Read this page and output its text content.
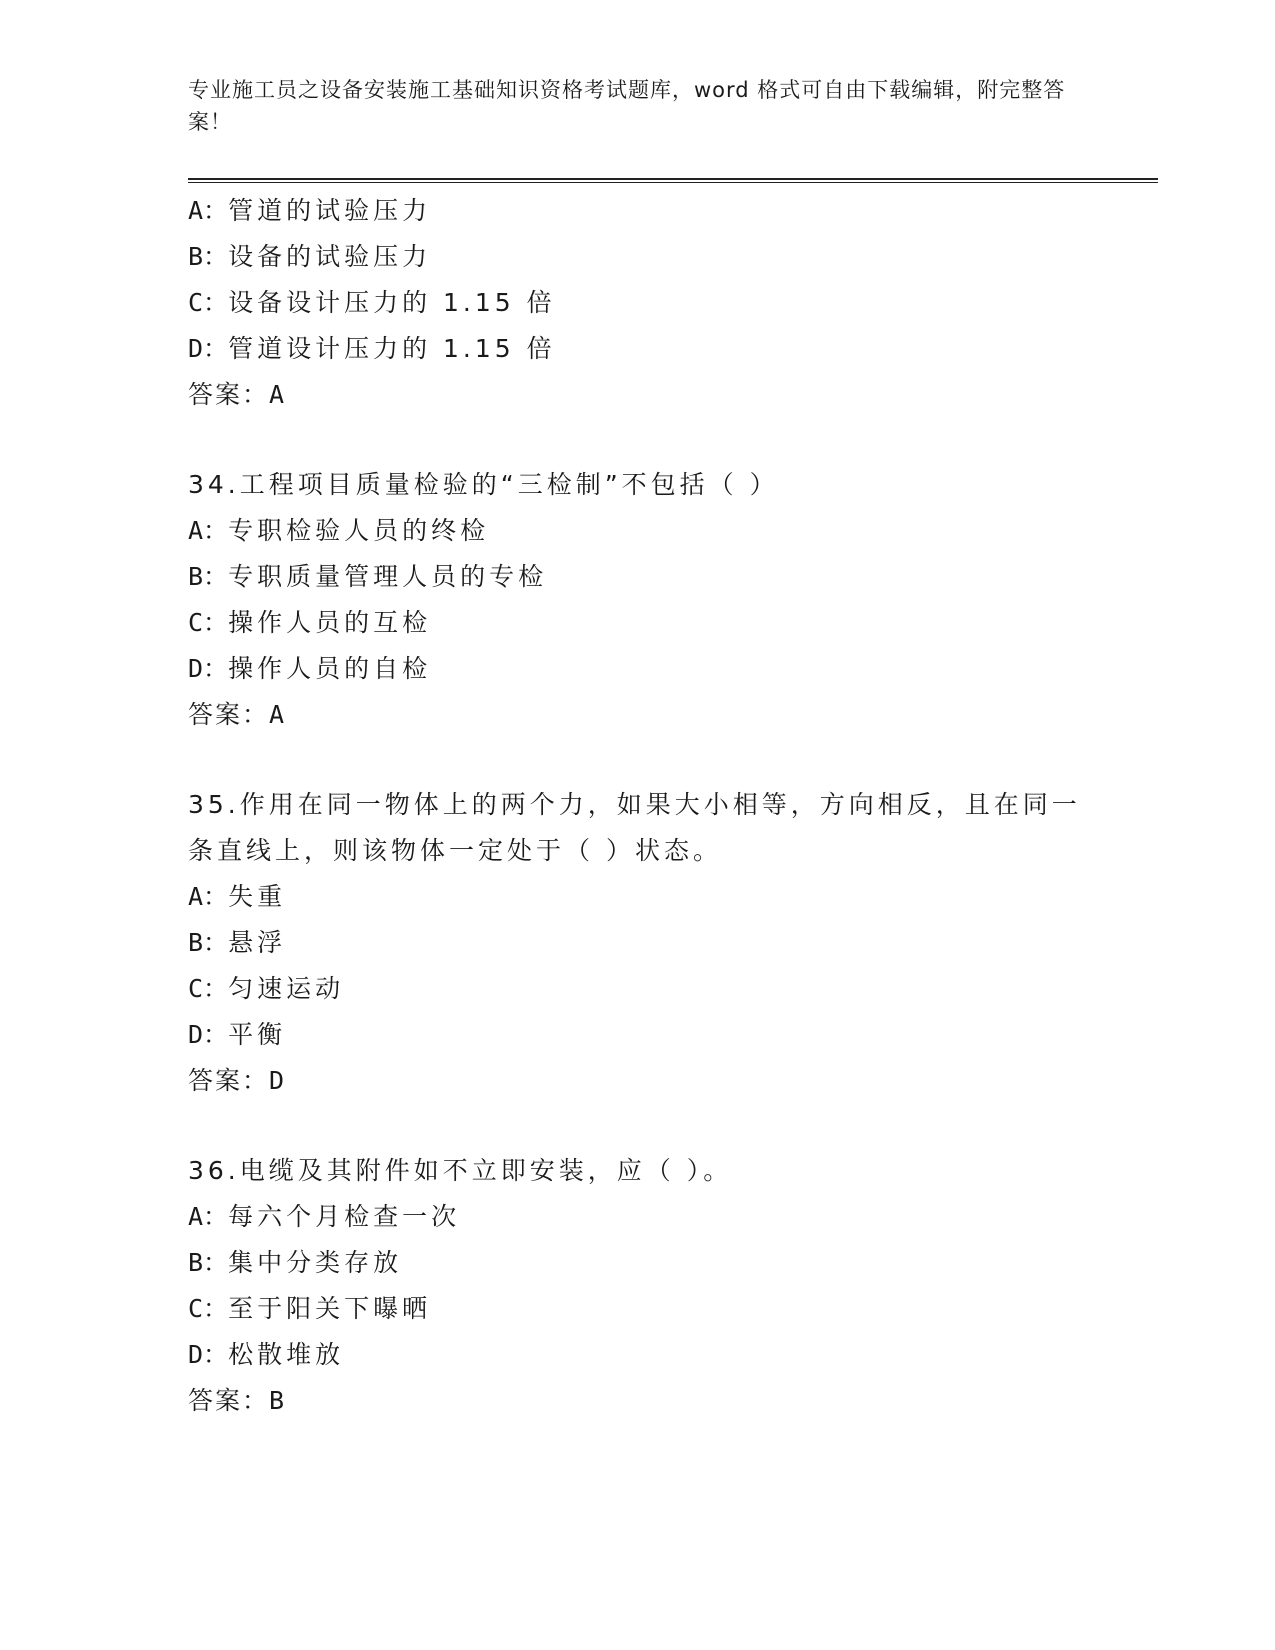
专业施工员之设备安装施工基础知识资格考试题库，word 格式可自由下载编辑，附完整答案！
A：管道的试验压力
B：设备的试验压力
C：设备设计压力的 1.15 倍
D：管道设计压力的 1.15 倍
答案：A
34.工程项目质量检验的“三检制”不包括（ ）
A：专职检验人员的终检
B：专职质量管理人员的专检
C：操作人员的互检
D：操作人员的自检
答案：A
35.作用在同一物体上的两个力，如果大小相等，方向相反，且在同一条直线上，则该物体一定处于（ ）状态。
A：失重
B：悬浮
C：匀速运动
D：平衡
答案：D
36.电缆及其附件如不立即安装，应（ ）。
A：每六个月检查一次
B：集中分类存放
C：至于阳关下曝晒
D：松散堆放
答案：B
